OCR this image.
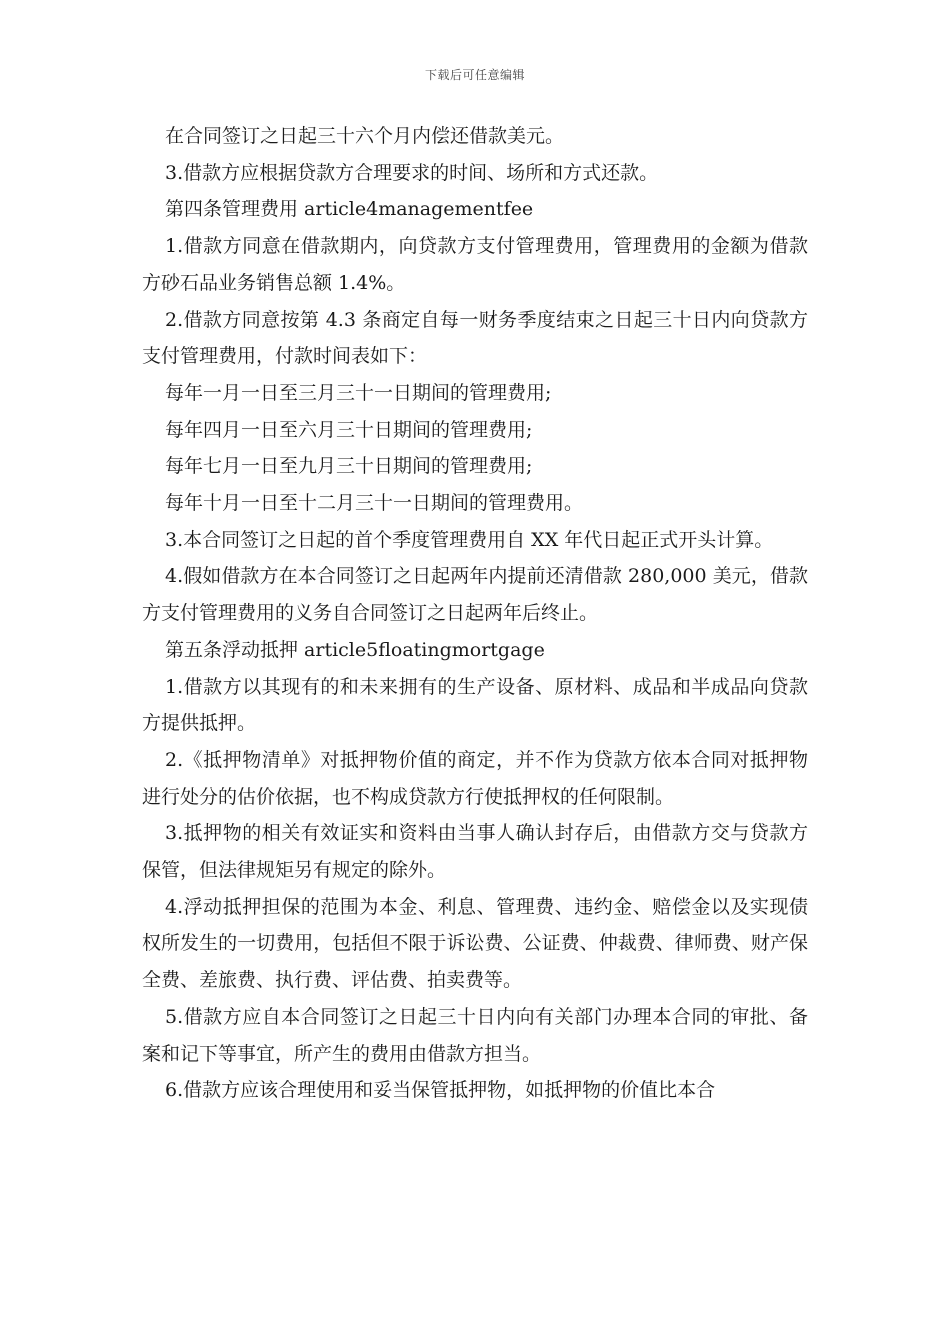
下载后可任意编辑

在合同签订之日起三十六个月内偿还借款美元。

3.借款方应根据贷款方合理要求的时间、场所和方式还款。

第四条管理费用 article4managementfee

1.借款方同意在借款期内，向贷款方支付管理费用，管理费用的金额为借款方砂石品业务销售总额 1.4%。

2.借款方同意按第 4.3 条商定自每一财务季度结束之日起三十日内向贷款方支付管理费用，付款时间表如下：

每年一月一日至三月三十一日期间的管理费用;

每年四月一日至六月三十日期间的管理费用;

每年七月一日至九月三十日期间的管理费用;

每年十月一日至十二月三十一日期间的管理费用。

3.本合同签订之日起的首个季度管理费用自 XX 年代日起正式开头计算。

4.假如借款方在本合同签订之日起两年内提前还清借款 280,000 美元，借款方支付管理费用的义务自合同签订之日起两年后终止。

第五条浮动抵押 article5floatingmortgage

1.借款方以其现有的和未来拥有的生产设备、原材料、成品和半成品向贷款方提供抵押。

2.《抵押物清单》对抵押物价值的商定，并不作为贷款方依本合同对抵押物进行处分的估价依据，也不构成贷款方行使抵押权的任何限制。

3.抵押物的相关有效证实和资料由当事人确认封存后，由借款方交与贷款方保管，但法律规矩另有规定的除外。

4.浮动抵押担保的范围为本金、利息、管理费、违约金、赔偿金以及实现债权所发生的一切费用，包括但不限于诉讼费、公证费、仲裁费、律师费、财产保全费、差旅费、执行费、评估费、拍卖费等。

5.借款方应自本合同签订之日起三十日内向有关部门办理本合同的审批、备案和记下等事宜，所产生的费用由借款方担当。

6.借款方应该合理使用和妥当保管抵押物，如抵押物的价值比本合
